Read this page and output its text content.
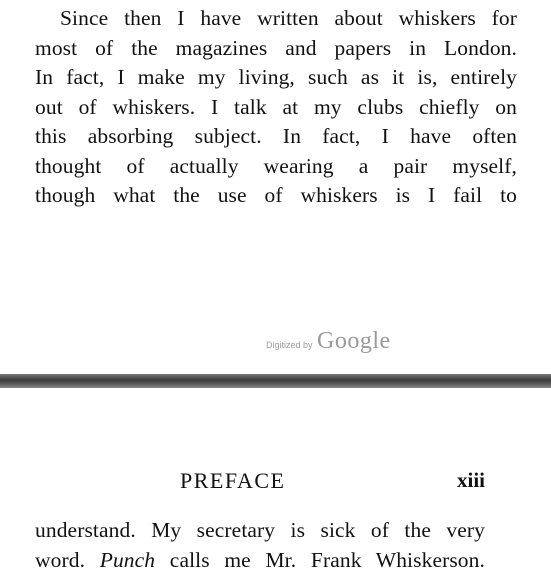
Since then I have written about whiskers for
most of the magazines and papers in London.
In fact, I make my living, such as it is, entirely
out of whiskers. I talk at my clubs chiefly on
this absorbing subject. In fact, I have often
thought of actually wearing a pair myself,
though what the use of whiskers is I fail to
Digitized by Google
PREFACE	xiii
understand. My secretary is sick of the very
word. Punch calls me Mr. Frank Whiskerson.
